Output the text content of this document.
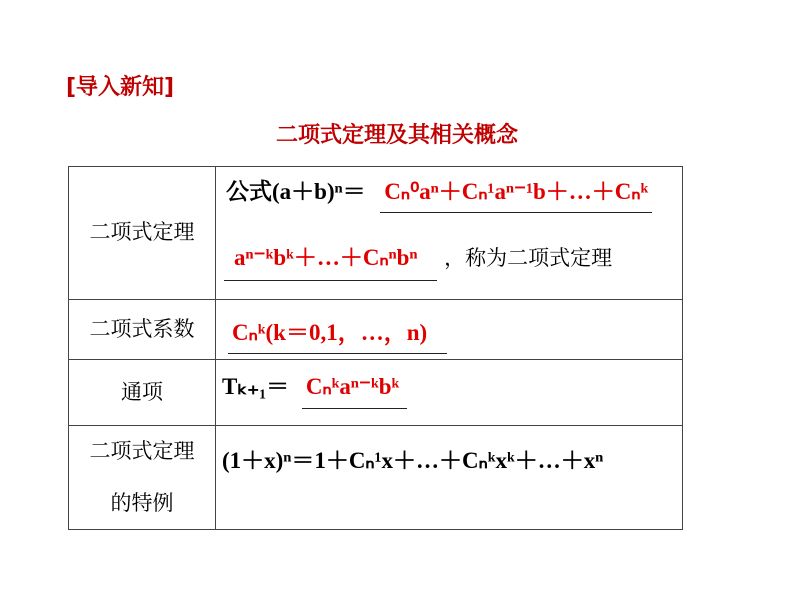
[导入新知]
二项式定理及其相关概念
二项式定理	公式(a＋b)ⁿ＝ Cₙ⁰aⁿ＋Cₙ¹aⁿ⁻¹b＋…＋Cₙᵏ
aⁿ⁻ᵏbᵏ＋…＋Cₙⁿbⁿ ，称为二项式定理

二项式系数	Cₙᵏ(k＝0,1，…，n)

通项	Tₖ₊₁＝ Cₙᵏaⁿ⁻ᵏbᵏ

二项式定理
的特例	(1＋x)ⁿ＝1＋Cₙ¹x＋…＋Cₙᵏxᵏ＋…＋xⁿ
